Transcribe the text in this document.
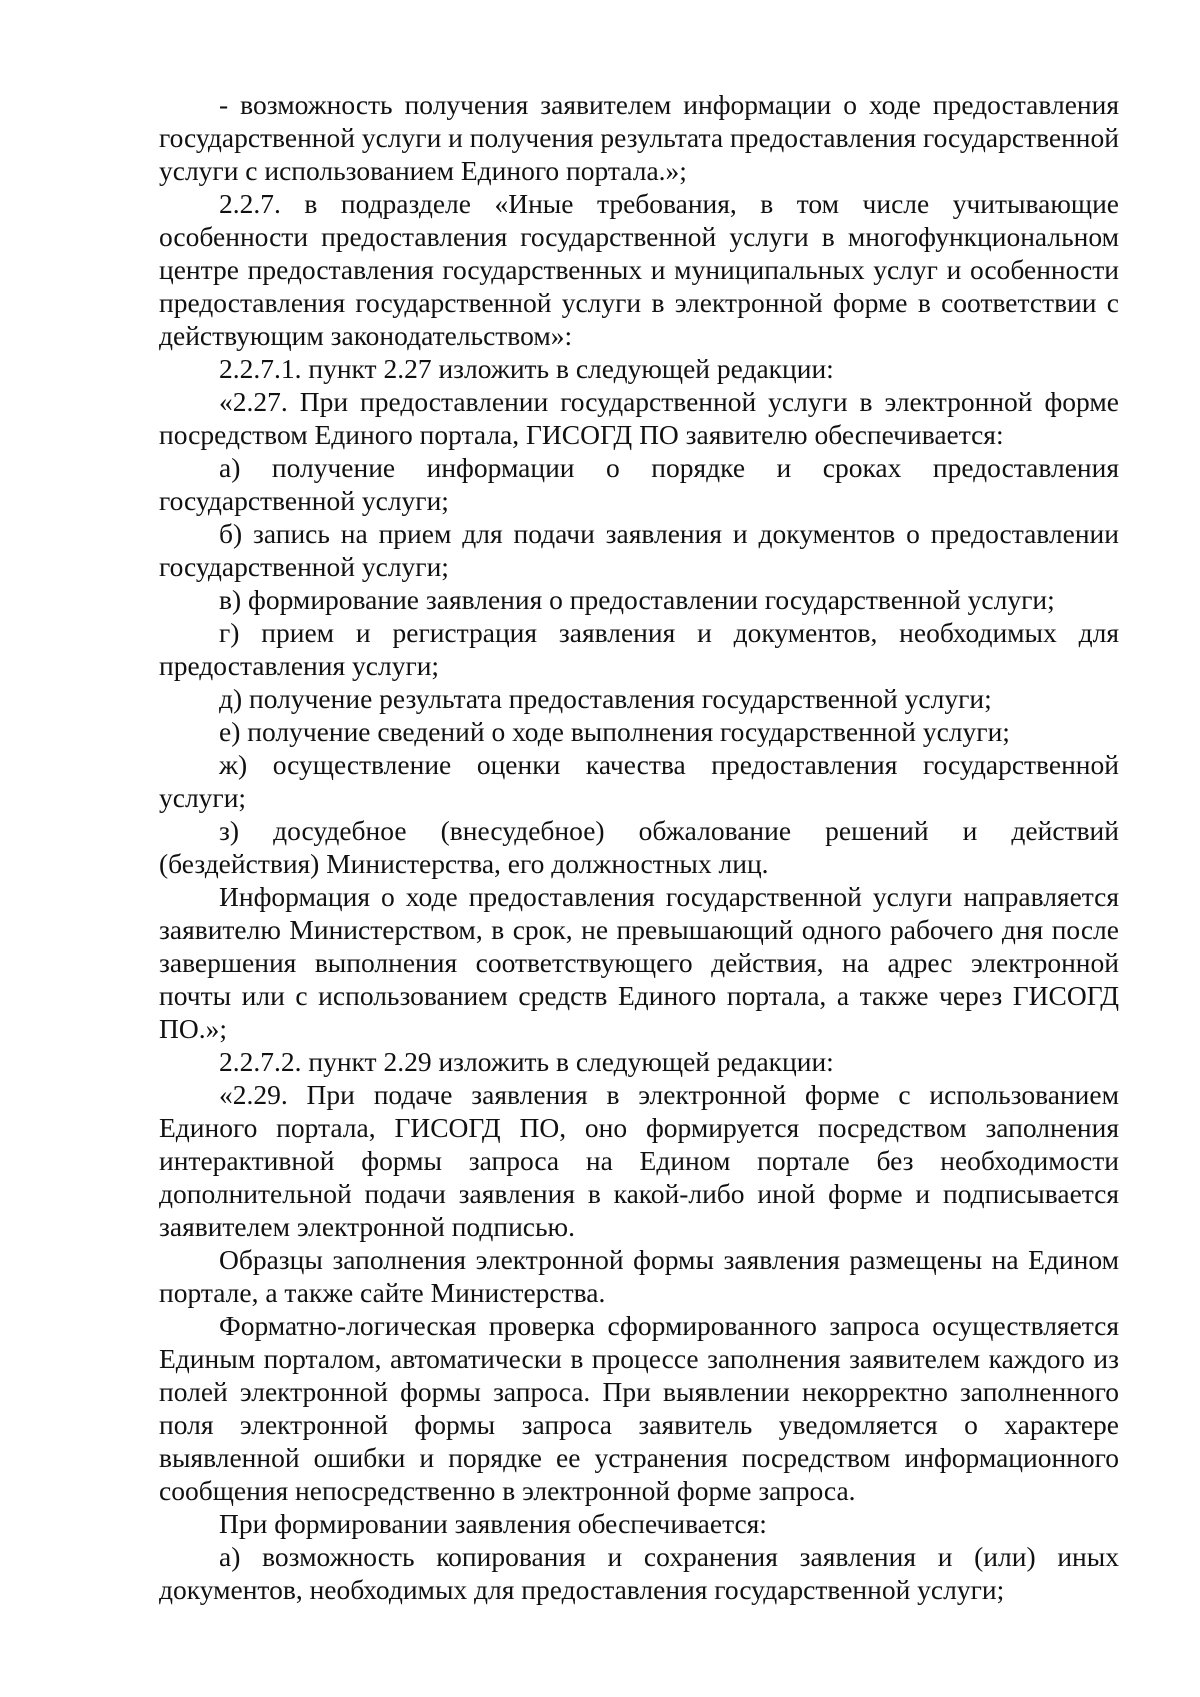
- возможность получения заявителем информации о ходе предоставления государственной услуги и получения результата предоставления государственной услуги с использованием Единого портала.»;

2.2.7. в подразделе «Иные требования, в том числе учитывающие особенности предоставления государственной услуги в многофункциональном центре предоставления государственных и муниципальных услуг и особенности предоставления государственной услуги в электронной форме в соответствии с действующим законодательством»:

2.2.7.1. пункт 2.27 изложить в следующей редакции:

«2.27. При предоставлении государственной услуги в электронной форме посредством Единого портала, ГИСОГД ПО заявителю обеспечивается:

а) получение информации о порядке и сроках предоставления государственной услуги;

б) запись на прием для подачи заявления и документов о предоставлении государственной услуги;

в) формирование заявления о предоставлении государственной услуги;

г) прием и регистрация заявления и документов, необходимых для предоставления услуги;

д) получение результата предоставления государственной услуги;

е) получение сведений о ходе выполнения государственной услуги;

ж) осуществление оценки качества предоставления государственной услуги;

з) досудебное (внесудебное) обжалование решений и действий (бездействия) Министерства, его должностных лиц.

Информация о ходе предоставления государственной услуги направляется заявителю Министерством, в срок, не превышающий одного рабочего дня после завершения выполнения соответствующего действия, на адрес электронной почты или с использованием средств Единого портала, а также через ГИСОГД ПО.»;

2.2.7.2. пункт 2.29 изложить в следующей редакции:

«2.29. При подаче заявления в электронной форме с использованием Единого портала, ГИСОГД ПО, оно формируется посредством заполнения интерактивной формы запроса на Едином портале без необходимости дополнительной подачи заявления в какой-либо иной форме и подписывается заявителем электронной подписью.

Образцы заполнения электронной формы заявления размещены на Едином портале, а также сайте Министерства.

Форматно-логическая проверка сформированного запроса осуществляется Единым порталом, автоматически в процессе заполнения заявителем каждого из полей электронной формы запроса. При выявлении некорректно заполненного поля электронной формы запроса заявитель уведомляется о характере выявленной ошибки и порядке ее устранения посредством информационного сообщения непосредственно в электронной форме запроса.

При формировании заявления обеспечивается:

а) возможность копирования и сохранения заявления и (или) иных документов, необходимых для предоставления государственной услуги;
